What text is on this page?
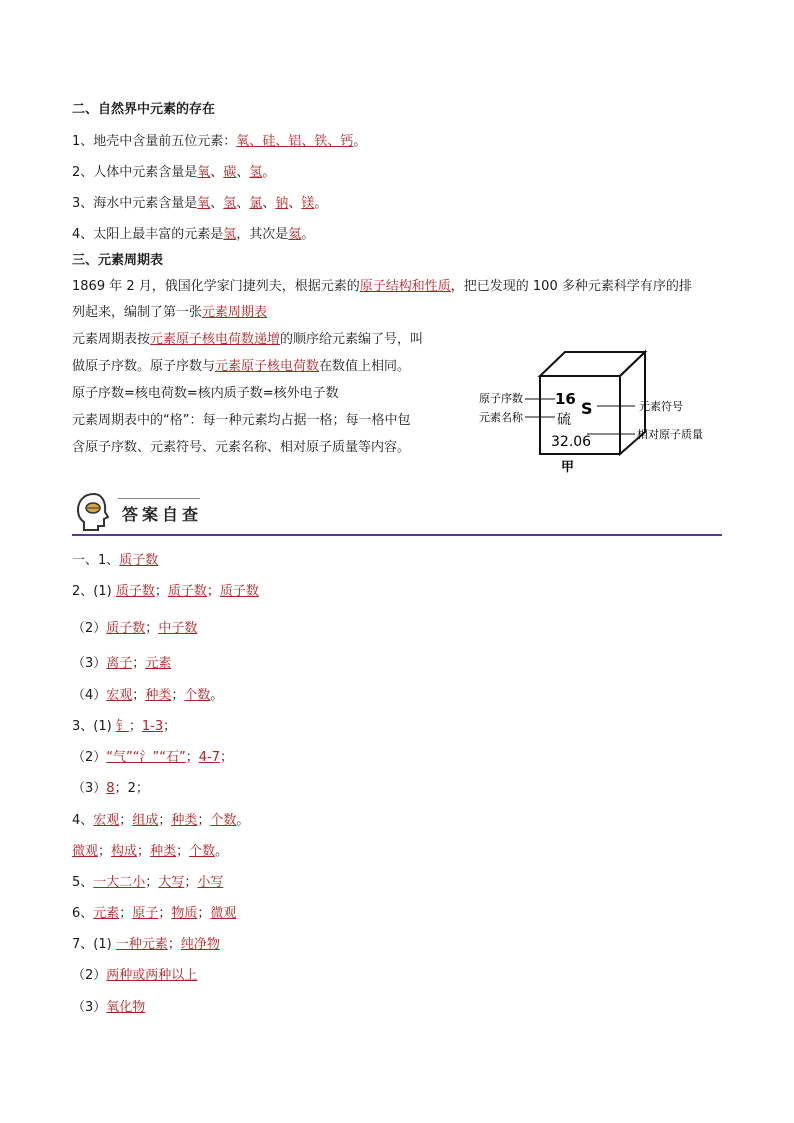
二、自然界中元素的存在
1、地壳中含量前五位元素：氧、硅、铝、铁、钙。
2、人体中元素含量是氧、碳、氢。
3、海水中元素含量是氧、氢、氯、钠、镁。
4、太阳上最丰富的元素是氢，其次是氦。
三、元素周期表
1869 年 2 月，俄国化学家门捷列夫，根据元素的原子结构和性质，把已发现的 100 多种元素科学有序的排
列起来，编制了第一张元素周期表
元素周期表按元素原子核电荷数递增的顺序给元素编了号，叫
做原子序数。原子序数与元素原子核电荷数在数值上相同。
原子序数=核电荷数=核内质子数=核外电子数
元素周期表中的“格”：每一种元素均占据一格；每一格中包
含原子序数、元素符号、元素名称、相对原子质量等内容。
16 S
硫
32.06
原子序数
元素名称
元素符号
相对原子质量
甲
答案自查
一、1、质子数
2、(1) 质子数；质子数；质子数
（2）质子数；中子数
（3）离子；元素
（4）宏观；种类；个数。
3、(1) 钅；1-3；
（2）“气”“氵”“石”；4-7；
（3）8；2；
4、宏观；组成；种类；个数。
微观；构成；种类；个数。
5、一大二小；大写；小写
6、元素；原子；物质；微观
7、(1) 一种元素；纯净物
（2）两种或两种以上
（3）氧化物
